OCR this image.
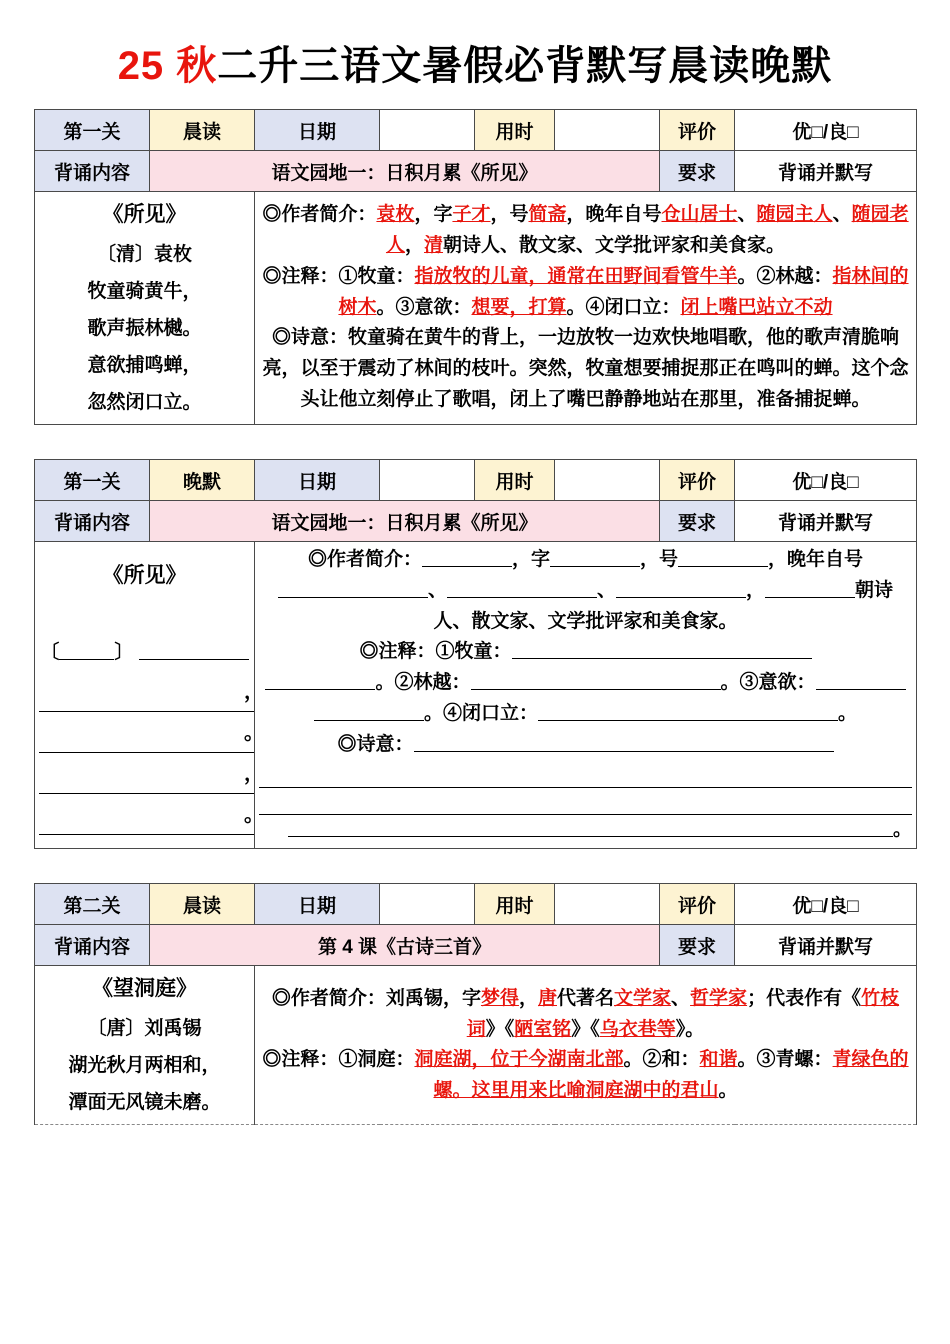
25 秋二升三语文暑假必背默写晨读晚默
第一关	晨读	日期		用时		评价	优□/良□
背诵内容	语文园地一：日积月累《所见》					要求	背诵并默写
《所见》
〔清〕袁枚

牧童骑黄牛，
歌声振林樾。
意欲捕鸣蝉，
忽然闭口立。

◎作者简介：袁枚，字子才，号简斋，晚年自号仓山居士、随园主人、随园老人，清朝诗人、散文家、文学批评家和美食家。
◎注释：①牧童：指放牧的儿童，通常在田野间看管牛羊。②林越：指林间的树木。③意欲：想要，打算。④闭口立：闭上嘴巴站立不动
◎诗意：牧童骑在黄牛的背上，一边放牧一边欢快地唱歌，他的歌声清脆响亮，以至于震动了林间的枝叶。突然，牧童想要捕捉那正在鸣叫的蝉。这个念头让他立刻停止了歌唱，闭上了嘴巴静静地站在那里，准备捕捉蝉。
第一关	晚默	日期		用时		评价	优□/良□
背诵内容	语文园地一：日积月累《所见》					要求	背诵并默写
《所见》

〔	〕
，
。
，
。

◎作者简介：	，字	，号	，晚年自号
、	、	，	朝诗人、散文家、文学批评家和美食家。
◎注释：①牧童：
。②林越：	。③意欲：
。④闭口立：	。
◎诗意：
。
第二关	晨读	日期		用时		评价	优□/良□
背诵内容	第 4 课《古诗三首》					要求	背诵并默写
《望洞庭》
〔唐〕刘禹锡

湖光秋月两相和，
潭面无风镜未磨。

◎作者简介：刘禹锡，字梦得，唐代著名文学家、哲学家；代表作有《竹枝词》《陋室铭》《乌衣巷等》。
◎注释：①洞庭：洞庭湖，位于今湖南北部。②和：和谐。③青螺：青绿色的螺。这里用来比喻洞庭湖中的君山。
